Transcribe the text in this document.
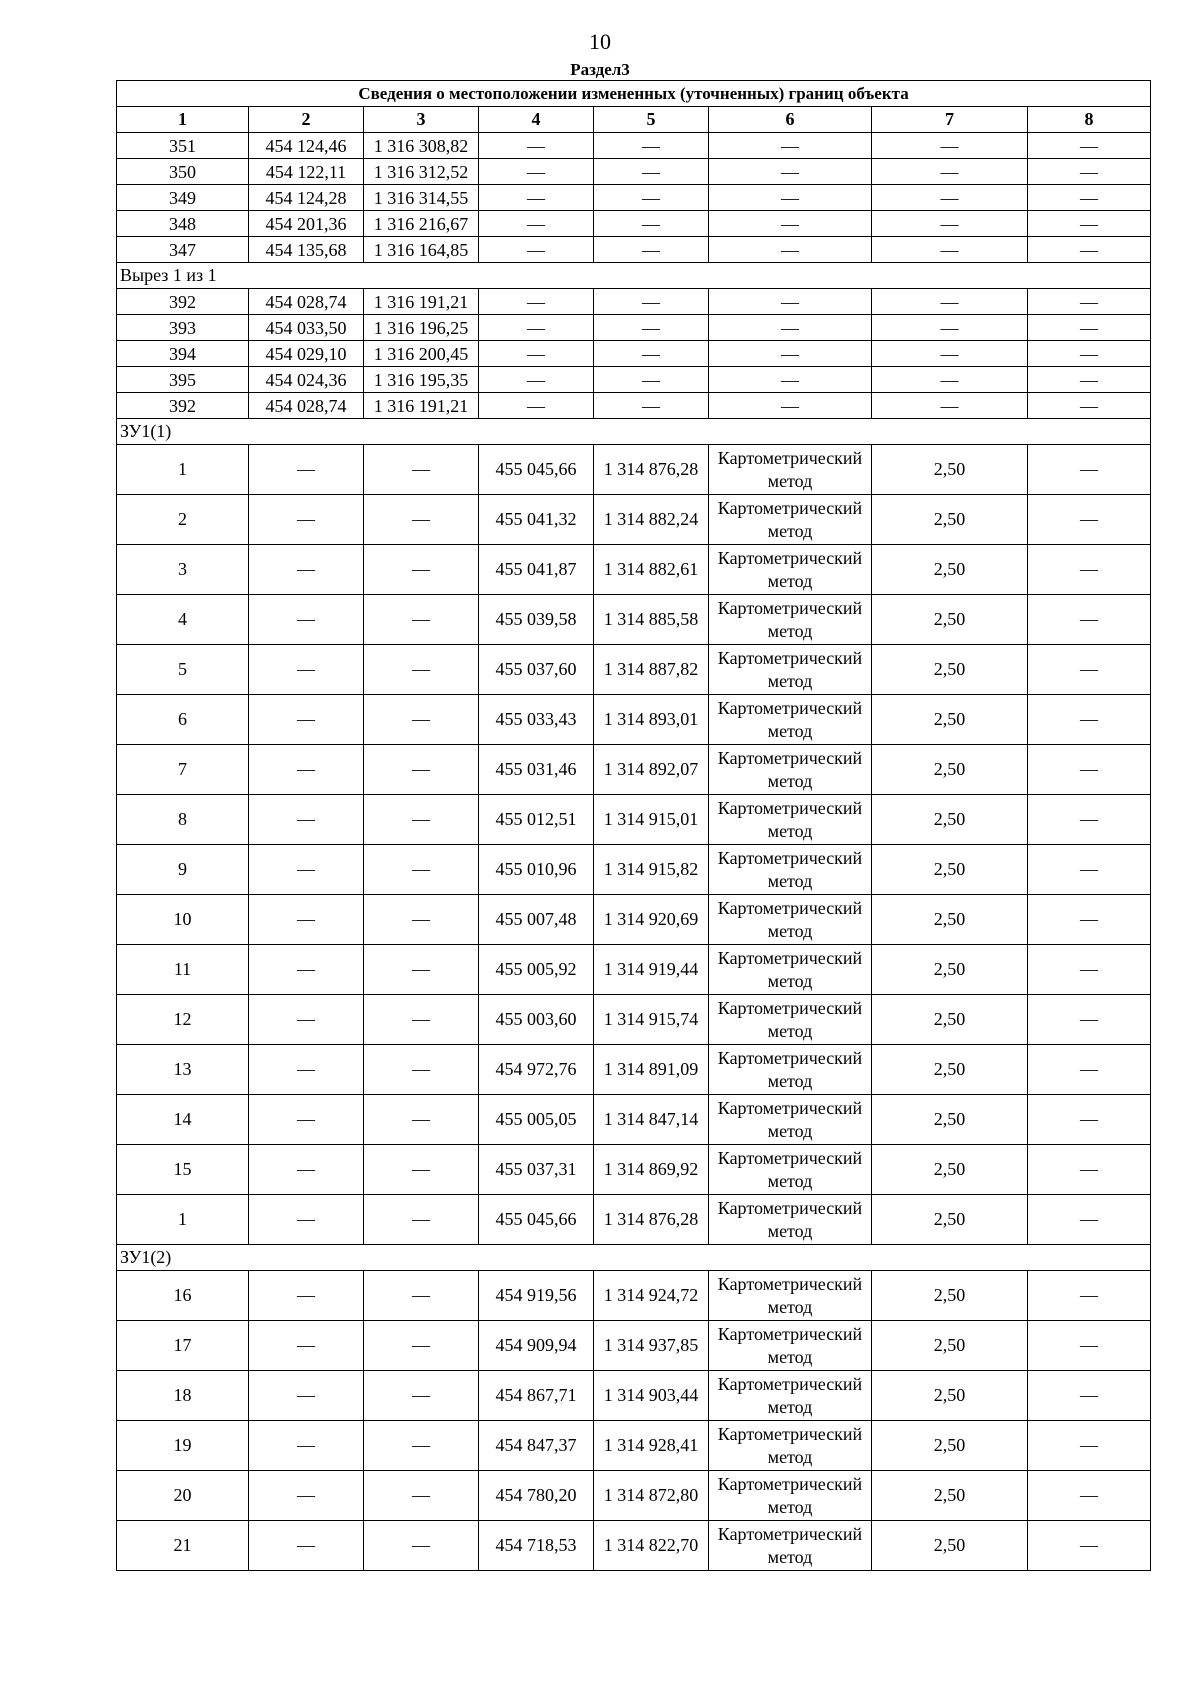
10
Раздел3
Сведения о местоположении измененных (уточненных) границ объекта							
1	2	3	4	5	6	7	8
351	454 124,46	1 316 308,82	—	—	—	—	—
350	454 122,11	1 316 312,52	—	—	—	—	—
349	454 124,28	1 316 314,55	—	—	—	—	—
348	454 201,36	1 316 216,67	—	—	—	—	—
347	454 135,68	1 316 164,85	—	—	—	—	—
Вырез 1 из 1							
392	454 028,74	1 316 191,21	—	—	—	—	—
393	454 033,50	1 316 196,25	—	—	—	—	—
394	454 029,10	1 316 200,45	—	—	—	—	—
395	454 024,36	1 316 195,35	—	—	—	—	—
392	454 028,74	1 316 191,21	—	—	—	—	—
ЗУ1(1)							
1	—	—	455 045,66	1 314 876,28	Картометрический метод	2,50	—
2	—	—	455 041,32	1 314 882,24	Картометрический метод	2,50	—
3	—	—	455 041,87	1 314 882,61	Картометрический метод	2,50	—
4	—	—	455 039,58	1 314 885,58	Картометрический метод	2,50	—
5	—	—	455 037,60	1 314 887,82	Картометрический метод	2,50	—
6	—	—	455 033,43	1 314 893,01	Картометрический метод	2,50	—
7	—	—	455 031,46	1 314 892,07	Картометрический метод	2,50	—
8	—	—	455 012,51	1 314 915,01	Картометрический метод	2,50	—
9	—	—	455 010,96	1 314 915,82	Картометрический метод	2,50	—
10	—	—	455 007,48	1 314 920,69	Картометрический метод	2,50	—
11	—	—	455 005,92	1 314 919,44	Картометрический метод	2,50	—
12	—	—	455 003,60	1 314 915,74	Картометрический метод	2,50	—
13	—	—	454 972,76	1 314 891,09	Картометрический метод	2,50	—
14	—	—	455 005,05	1 314 847,14	Картометрический метод	2,50	—
15	—	—	455 037,31	1 314 869,92	Картометрический метод	2,50	—
1	—	—	455 045,66	1 314 876,28	Картометрический метод	2,50	—
ЗУ1(2)							
16	—	—	454 919,56	1 314 924,72	Картометрический метод	2,50	—
17	—	—	454 909,94	1 314 937,85	Картометрический метод	2,50	—
18	—	—	454 867,71	1 314 903,44	Картометрический метод	2,50	—
19	—	—	454 847,37	1 314 928,41	Картометрический метод	2,50	—
20	—	—	454 780,20	1 314 872,80	Картометрический метод	2,50	—
21	—	—	454 718,53	1 314 822,70	Картометрический метод	2,50	—
